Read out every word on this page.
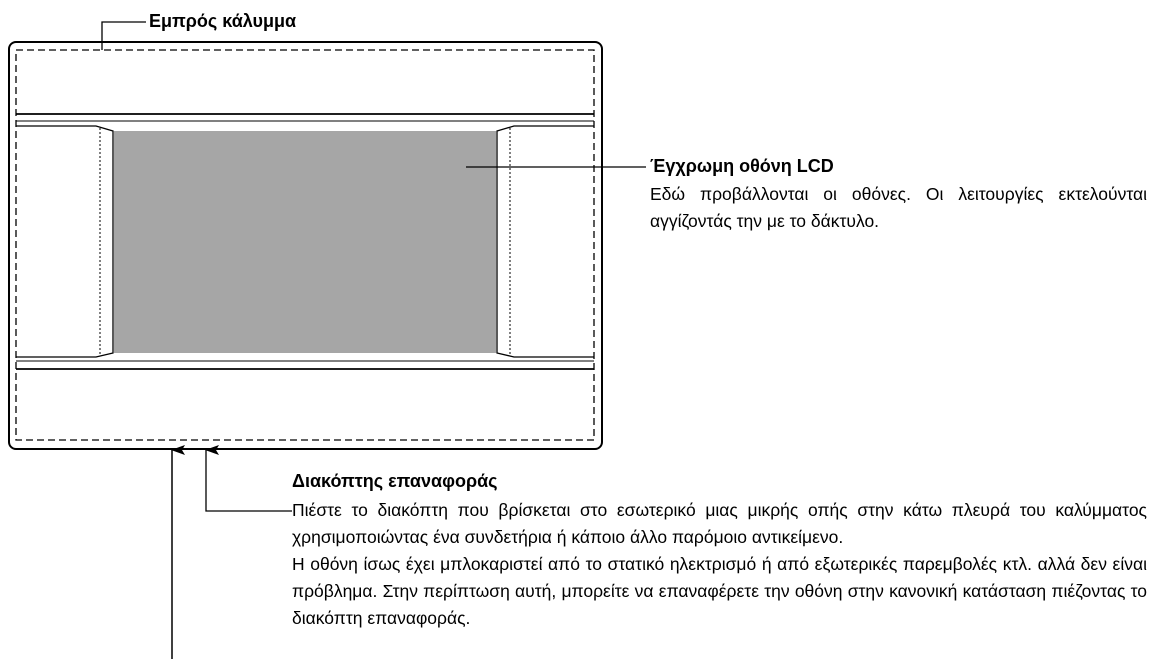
Εμπρός κάλυμμα
Έγχρωμη οθόνη LCD
Εδώ προβάλλονται οι οθόνες. Οι λειτουργίες εκτελούνται αγγίζοντάς την με το δάκτυλο.
Διακόπτης επαναφοράς

Πιέστε το διακόπτη που βρίσκεται στο εσωτερικό μιας μικρής οπής στην κάτω πλευρά του καλύμματος χρησιμοποιώντας ένα συνδετήρια ή κάποιο άλλο παρόμοιο αντικείμενο.

Η οθόνη ίσως έχει μπλοκαριστεί από το στατικό ηλεκτρισμό ή από εξωτερικές παρεμβολές κτλ. αλλά δεν είναι πρόβλημα. Στην περίπτωση αυτή, μπορείτε να επαναφέρετε την οθόνη στην κανονική κατάσταση πιέζοντας το διακόπτη επαναφοράς.
